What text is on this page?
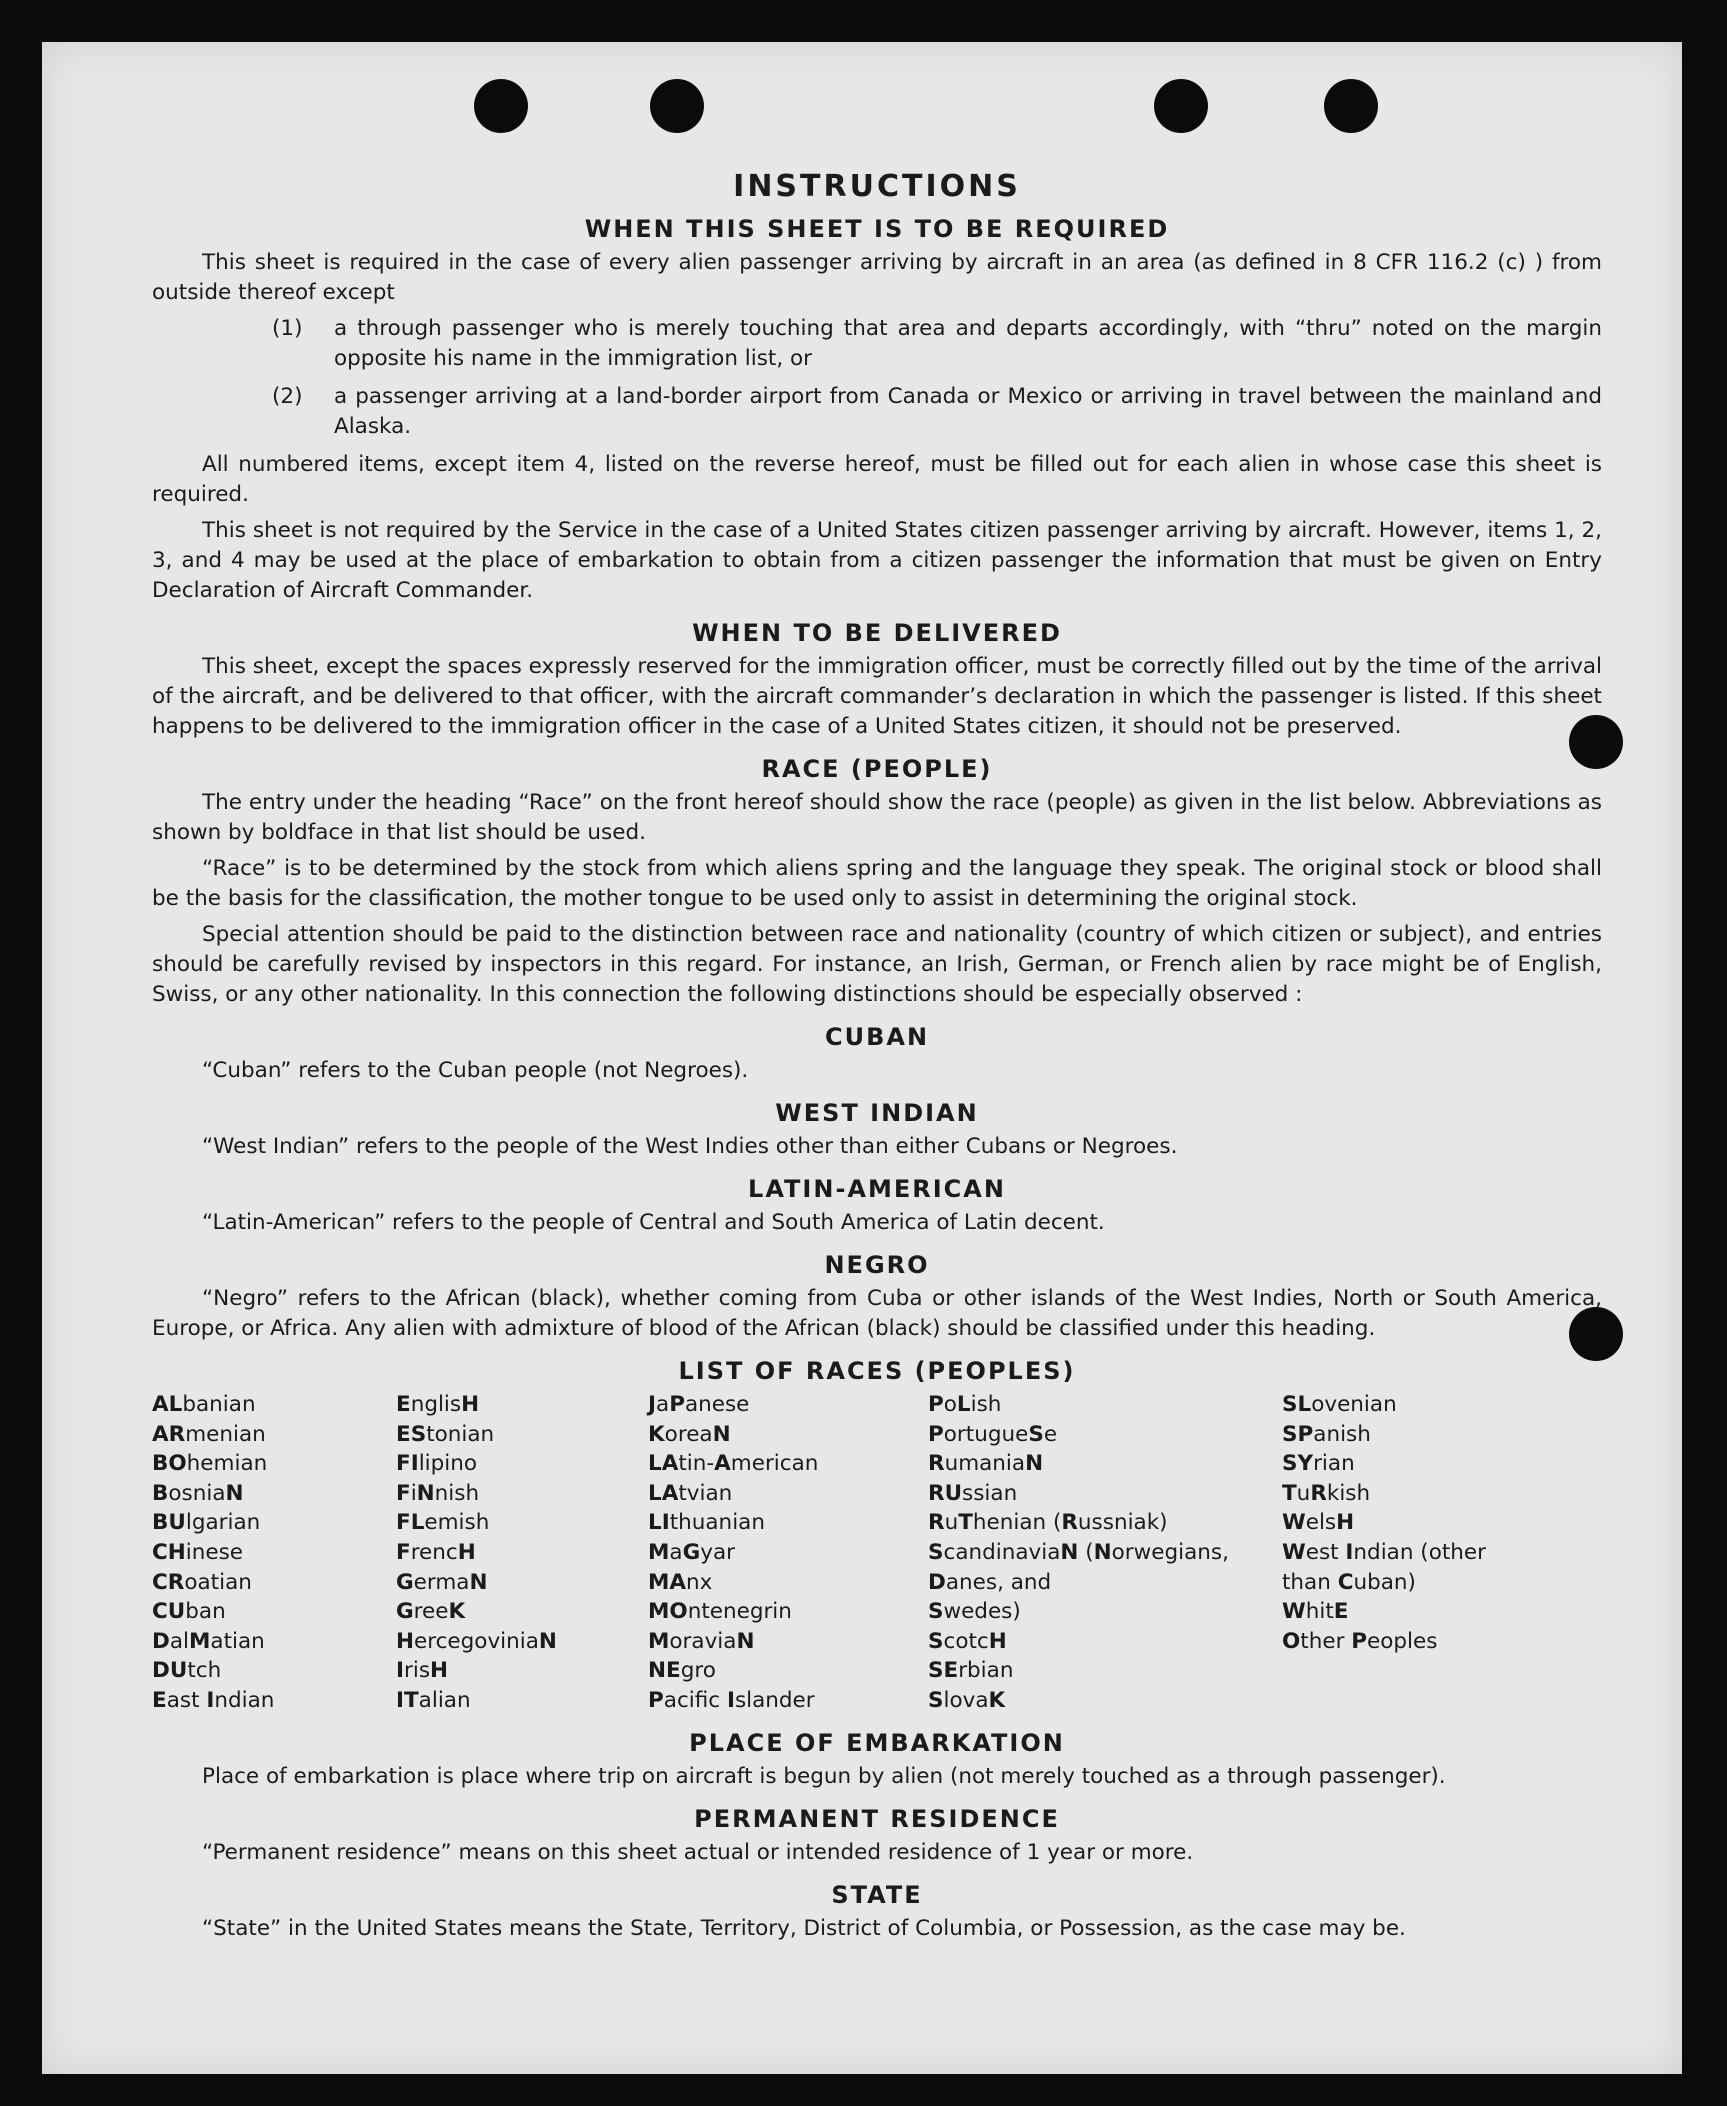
INSTRUCTIONS
WHEN THIS SHEET IS TO BE REQUIRED

This sheet is required in the case of every alien passenger arriving by aircraft in an area (as defined in 8 CFR 116.2 (c) ) from outside thereof except

(1)	a through passenger who is merely touching that area and departs accordingly, with “thru” noted on the margin opposite his name in the immigration list, or
(2)	a passenger arriving at a land-border airport from Canada or Mexico or arriving in travel between the mainland and Alaska.

All numbered items, except item 4, listed on the reverse hereof, must be filled out for each alien in whose case this sheet is required.

This sheet is not required by the Service in the case of a United States citizen passenger arriving by aircraft. However, items 1, 2, 3, and 4 may be used at the place of embarkation to obtain from a citizen passenger the information that must be given on Entry Declaration of Aircraft Commander.

WHEN TO BE DELIVERED

This sheet, except the spaces expressly reserved for the immigration officer, must be correctly filled out by the time of the arrival of the aircraft, and be delivered to that officer, with the aircraft commander’s declaration in which the passenger is listed. If this sheet happens to be delivered to the immigration officer in the case of a United States citizen, it should not be preserved.

RACE (PEOPLE)

The entry under the heading “Race” on the front hereof should show the race (people) as given in the list below. Abbreviations as shown by boldface in that list should be used.

“Race” is to be determined by the stock from which aliens spring and the language they speak. The original stock or blood shall be the basis for the classification, the mother tongue to be used only to assist in determining the original stock.

Special attention should be paid to the distinction between race and nationality (country of which citizen or subject), and entries should be carefully revised by inspectors in this regard. For instance, an Irish, German, or French alien by race might be of English, Swiss, or any other nationality. In this connection the following distinctions should be especially observed :

CUBAN

“Cuban” refers to the Cuban people (not Negroes).

WEST INDIAN

“West Indian” refers to the people of the West Indies other than either Cubans or Negroes.

LATIN-AMERICAN

“Latin-American” refers to the people of Central and South America of Latin decent.

NEGRO

“Negro” refers to the African (black), whether coming from Cuba or other islands of the West Indies, North or South America, Europe, or Africa. Any alien with admixture of blood of the African (black) should be classified under this heading.

LIST OF RACES (PEOPLES)
ALbanian
ARmenian
BOhemian
BosniaN
BUlgarian
CHinese
CRoatian
CUban
DalMatian
DUtch
East Indian
EnglisH
EStonian
FIlipino
FiNnish
FLemish
FrencH
GermaN
GreeK
HercegoviniaN
IrisH
ITalian
JaPanese
KoreaN
LAtin-American
LAtvian
LIthuanian
MaGyar
MAnx
MOntenegrin
MoraviaN
NEgro
Pacific Islander
PoLish
PortugueSe
RumaniaN
RUssian
RuThenian (Russniak)
ScandinaviaN (Norwegians,
Danes, and
Swedes)
ScotcH
SErbian
SlovaK
SLovenian
SPanish
SYrian
TuRkish
WelsH
West Indian (other
than Cuban)
WhitE
Other Peoples
PLACE OF EMBARKATION

Place of embarkation is place where trip on aircraft is begun by alien (not merely touched as a through passenger).

PERMANENT RESIDENCE

“Permanent residence” means on this sheet actual or intended residence of 1 year or more.

STATE

“State” in the United States means the State, Territory, District of Columbia, or Possession, as the case may be.
